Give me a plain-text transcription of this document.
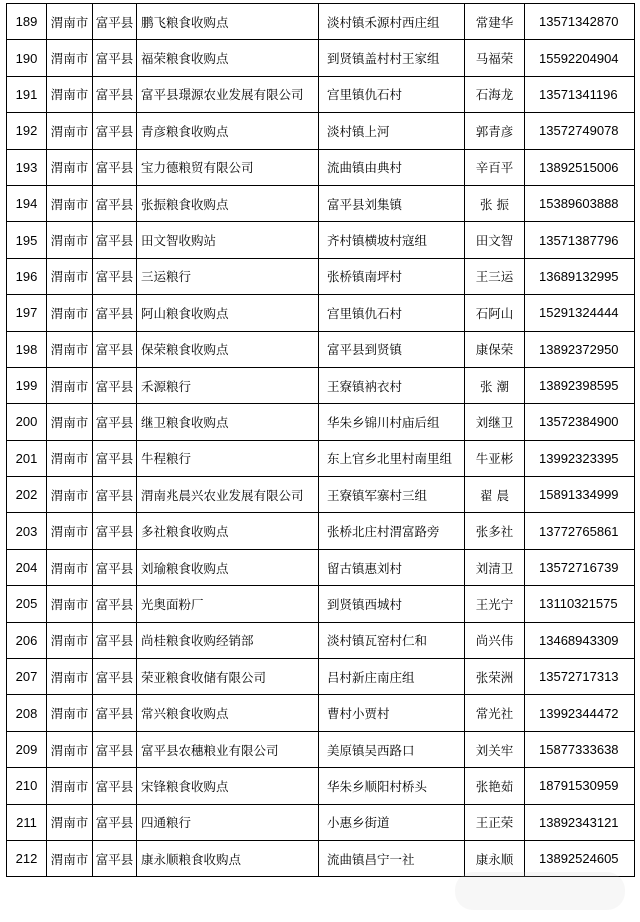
189	渭南市	富平县	鹏飞粮食收购点	淡村镇禾源村西庄组	常建华	13571342870
190	渭南市	富平县	福荣粮食收购点	到贤镇盖村村王家组	马福荣	15592204904
191	渭南市	富平县	富平县璟源农业发展有限公司	宫里镇仇石村	石海龙	13571341196
192	渭南市	富平县	青彦粮食收购点	淡村镇上河	郭青彦	13572749078
193	渭南市	富平县	宝力德粮贸有限公司	流曲镇由典村	辛百平	13892515006
194	渭南市	富平县	张振粮食收购点	富平县刘集镇	张 振	15389603888
195	渭南市	富平县	田文智收购站	齐村镇横坡村寇组	田文智	13571387796
196	渭南市	富平县	三运粮行	张桥镇南坪村	王三运	13689132995
197	渭南市	富平县	阿山粮食收购点	宫里镇仇石村	石阿山	15291324444
198	渭南市	富平县	保荣粮食收购点	富平县到贤镇	康保荣	13892372950
199	渭南市	富平县	禾源粮行	王寮镇衲衣村	张 潮	13892398595
200	渭南市	富平县	继卫粮食收购点	华朱乡锦川村庙后组	刘继卫	13572384900
201	渭南市	富平县	牛程粮行	东上官乡北里村南里组	牛亚彬	13992323395
202	渭南市	富平县	渭南兆晨兴农业发展有限公司	王寮镇军寨村三组	翟 晨	15891334999
203	渭南市	富平县	多社粮食收购点	张桥北庄村渭富路旁	张多社	13772765861
204	渭南市	富平县	刘瑜粮食收购点	留古镇惠刘村	刘清卫	13572716739
205	渭南市	富平县	光奥面粉厂	到贤镇西城村	王光宁	13110321575
206	渭南市	富平县	尚桂粮食收购经销部	淡村镇瓦窑村仁和	尚兴伟	13468943309
207	渭南市	富平县	荣亚粮食收储有限公司	吕村新庄南庄组	张荣洲	13572717313
208	渭南市	富平县	常兴粮食收购点	曹村小贾村	常光社	13992344472
209	渭南市	富平县	富平县农穗粮业有限公司	美原镇吴西路口	刘关牢	15877333638
210	渭南市	富平县	宋锋粮食收购点	华朱乡顺阳村桥头	张艳茹	18791530959
211	渭南市	富平县	四通粮行	小惠乡街道	王正荣	13892343121
212	渭南市	富平县	康永顺粮食收购点	流曲镇昌宁一社	康永顺	13892524605
